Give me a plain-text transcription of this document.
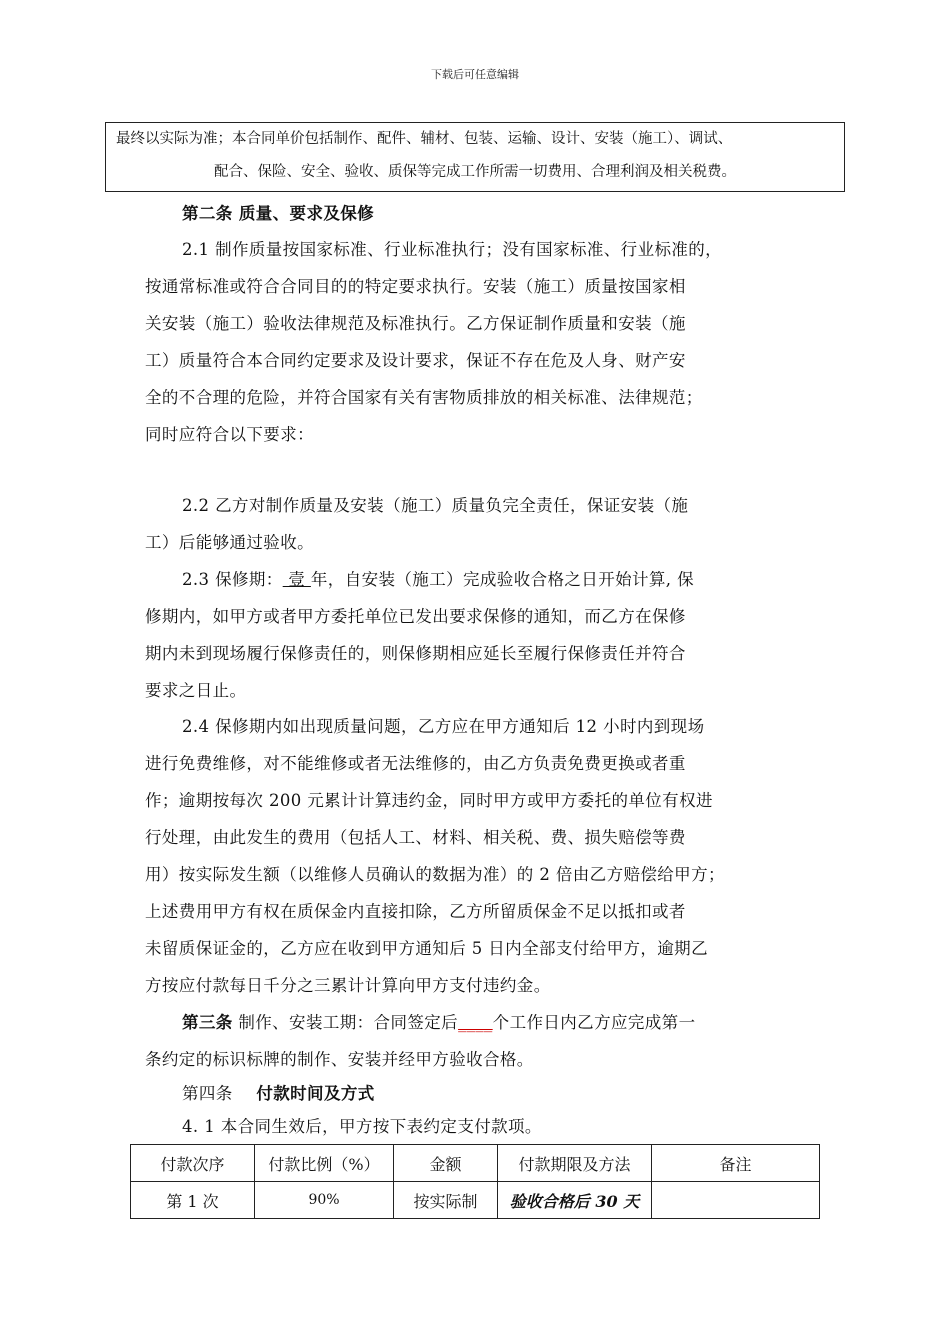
下载后可任意编辑
最终以实际为准；本合同单价包括制作、配件、辅材、包装、运输、设计、安装（施工）、调试、
配合、保险、安全、验收、质保等完成工作所需一切费用、合理利润及相关税费。
第二条 质量、要求及保修
2.1 制作质量按国家标准、行业标准执行；没有国家标准、行业标准的，
按通常标准或符合合同目的的特定要求执行。安装（施工）质量按国家相
关安装（施工）验收法律规范及标准执行。乙方保证制作质量和安装（施
工）质量符合本合同约定要求及设计要求，保证不存在危及人身、财产安
全的不合理的危险，并符合国家有关有害物质排放的相关标准、法律规范；
同时应符合以下要求：
2.2 乙方对制作质量及安装（施工）质量负完全责任，保证安装（施
工）后能够通过验收。
2.3 保修期： 壹 年，自安装（施工）完成验收合格之日开始计算, 保
修期内，如甲方或者甲方委托单位已发出要求保修的通知，而乙方在保修
期内未到现场履行保修责任的，则保修期相应延长至履行保修责任并符合
要求之日止。
2.4 保修期内如出现质量问题，乙方应在甲方通知后 12 小时内到现场
进行免费维修，对不能维修或者无法维修的，由乙方负责免费更换或者重
作；逾期按每次 200 元累计计算违约金，同时甲方或甲方委托的单位有权进
行处理，由此发生的费用（包括人工、材料、相关税、费、损失赔偿等费
用）按实际发生额（以维修人员确认的数据为准）的 2 倍由乙方赔偿给甲方；
上述费用甲方有权在质保金内直接扣除，乙方所留质保金不足以抵扣或者
未留质保证金的，乙方应在收到甲方通知后 5 日内全部支付给甲方，逾期乙
方按应付款每日千分之三累计计算向甲方支付违约金。
第三条 制作、安装工期：合同签定后____个工作日内乙方应完成第一
条约定的标识标牌的制作、安装并经甲方验收合格。
第四条 付款时间及方式
4. 1 本合同生效后，甲方按下表约定支付款项。
付款次序	付款比例（%）	金额	付款期限及方法	备注
第 1 次	90%	按实际制	验收合格后 30 天	
